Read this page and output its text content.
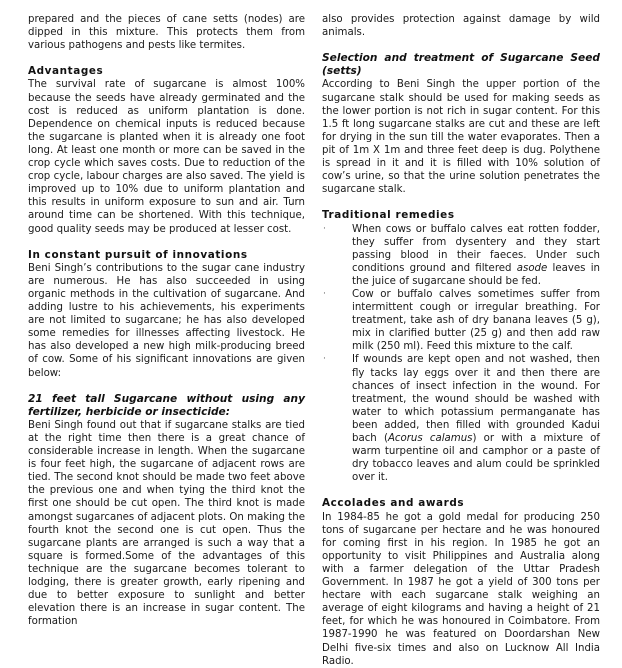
prepared and the pieces of cane setts (nodes) are dipped in this mixture. This protects them from various pathogens and pests like termites.

Advantages

The survival rate of sugarcane is almost 100% because the seeds have already germinated and the cost is reduced as uniform plantation is done. Dependence on chemical inputs is reduced because the sugarcane is planted when it is already one foot long. At least one month or more can be saved in the crop cycle which saves costs. Due to reduction of the crop cycle, labour charges are also saved. The yield is improved up to 10% due to uniform plantation and this results in uniform exposure to sun and air. Turn around time can be shortened. With this technique, good quality seeds may be produced at lesser cost.

In constant pursuit of innovations

Beni Singh’s contributions to the sugar cane industry are numerous. He has also succeeded in using organic methods in the cultivation of sugarcane. And adding lustre to his achievements, his experiments are not limited to sugarcane; he has also developed some remedies for illnesses affecting livestock. He has also developed a new high milk-producing breed of cow. Some of his significant innovations are given below:

21 feet tall Sugarcane without using any fertilizer, herbicide or insecticide:

Beni Singh found out that if sugarcane stalks are tied at the right time then there is a great chance of considerable increase in length. When the sugarcane is four feet high, the sugarcane of adjacent rows are tied. The second knot should be made two feet above the previous one and when tying the third knot the first one should be cut open. The third knot is made amongst sugarcanes of adjacent plots. On making the fourth knot the second one is cut open. Thus the sugarcane plants are arranged is such a way that a square is formed.Some of the advantages of this technique are the sugarcane becomes tolerant to lodging, there is greater growth, early ripening and due to better exposure to sunlight and better elevation there is an increase in sugar content. The formation

also provides protection against damage by wild animals.

Selection and treatment of Sugarcane Seed (setts)

According to Beni Singh the upper portion of the sugarcane stalk should be used for making seeds as the lower portion is not rich in sugar content. For this 1.5 ft long sugarcane stalks are cut and these are left for drying in the sun till the water evaporates. Then a pit of 1m X 1m and three feet deep is dug. Polythene is spread in it and it is filled with 10% solution of cow’s urine, so that the urine solution penetrates the sugarcane stalk.

Traditional remedies
·	When cows or buffalo calves eat rotten fodder, they suffer from dysentery and they start passing blood in their faeces. Under such conditions ground and filtered asode leaves in the juice of sugarcane should be fed.

·	Cow or buffalo calves sometimes suffer from intermittent cough or irregular breathing. For treatment, take ash of dry banana leaves (5 g), mix in clarified butter (25 g) and then add raw milk (250 ml). Feed this mixture to the calf.

·	If wounds are kept open and not washed, then fly tacks lay eggs over it and then there are chances of insect infection in the wound. For treatment, the wound should be washed with water to which potassium permanganate has been added, then filled with grounded Kadui bach (Acorus calamus) or with a mixture of warm turpentine oil and camphor or a paste of dry tobacco leaves and alum could be sprinkled over it.

Accolades and awards

In 1984-85 he got a gold medal for producing 250 tons of sugarcane per hectare and he was honoured for coming first in his region. In 1985 he got an opportunity to visit Philippines and Australia along with a farmer delegation of the Uttar Pradesh Government. In 1987 he got a yield of 300 tons per hectare with each sugarcane stalk weighing an average of eight kilograms and having a height of 21 feet, for which he was honoured in Coimbatore. From 1987-1990 he was featured on Doordarshan New Delhi five-six times and also on Lucknow All India Radio.
